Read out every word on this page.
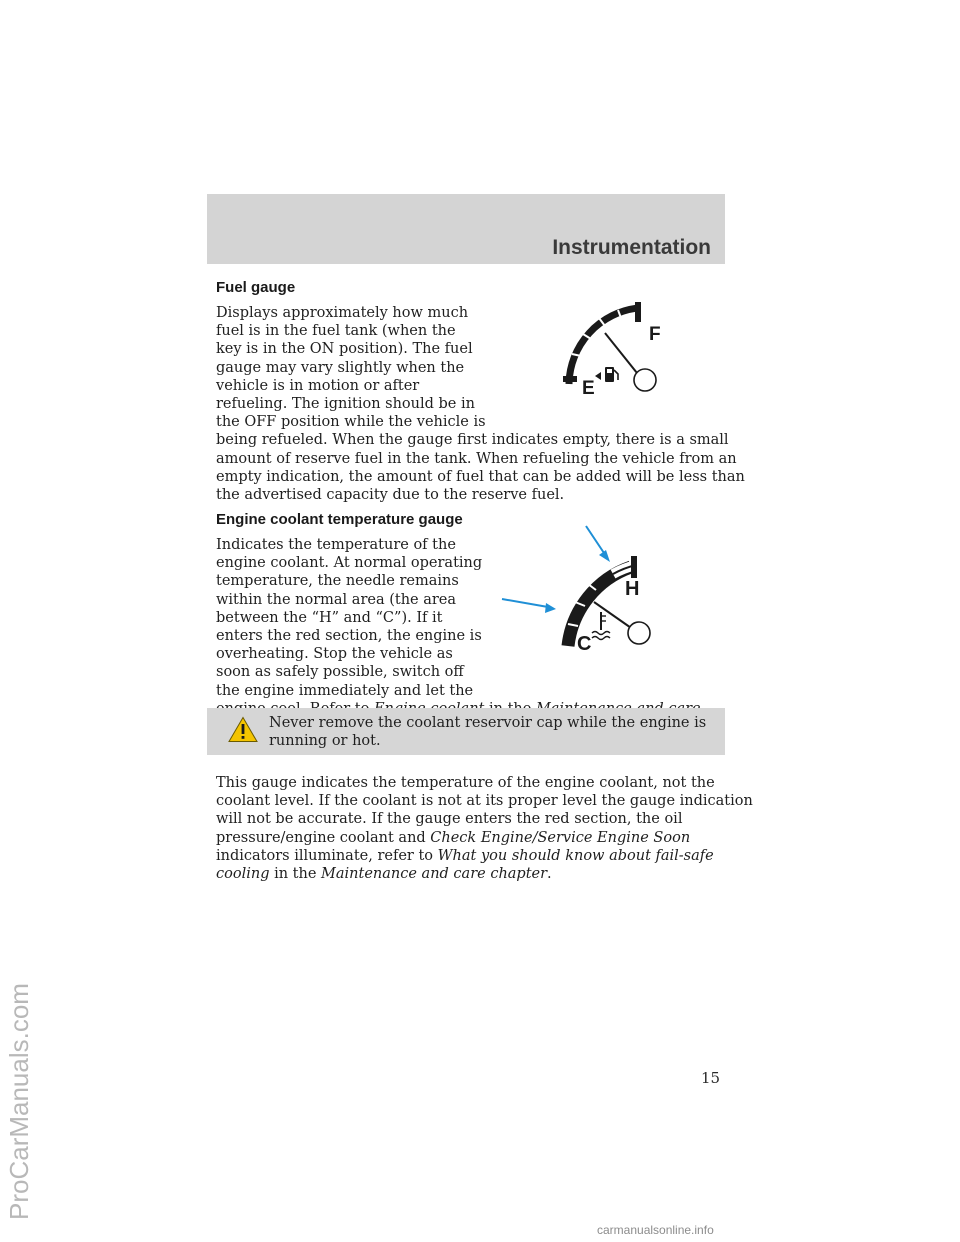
Instrumentation
ProCarManuals.com
Fuel gauge

Displays approximately how much
fuel is in the fuel tank (when the
key is in the ON position). The fuel
gauge may vary slightly when the
vehicle is in motion or after
refueling. The ignition should be in
the OFF position while the vehicle is
being refueled. When the gauge first indicates empty, there is a small
amount of reserve fuel in the tank. When refueling the vehicle from an
empty indication, the amount of fuel that can be added will be less than
the advertised capacity due to the reserve fuel.

F
E
Engine coolant temperature gauge

Indicates the temperature of the
engine coolant. At normal operating
temperature, the needle remains
within the normal area (the area
between the “H” and “C”). If it
enters the red section, the engine is
overheating. Stop the vehicle as
soon as safely possible, switch off
the engine immediately and let the

H
C

Never remove the coolant reservoir cap while the engine is
running or hot.

This gauge indicates the temperature of the engine coolant, not the
coolant level. If the coolant is not at its proper level the gauge indication
will not be accurate. If the gauge enters the red section, the oil
pressure/engine coolant and Check Engine/Service Engine Soon
indicators illuminate, refer to What you should know about fail-safe
cooling in the Maintenance and care chapter.

15
carmanualsonline.info
